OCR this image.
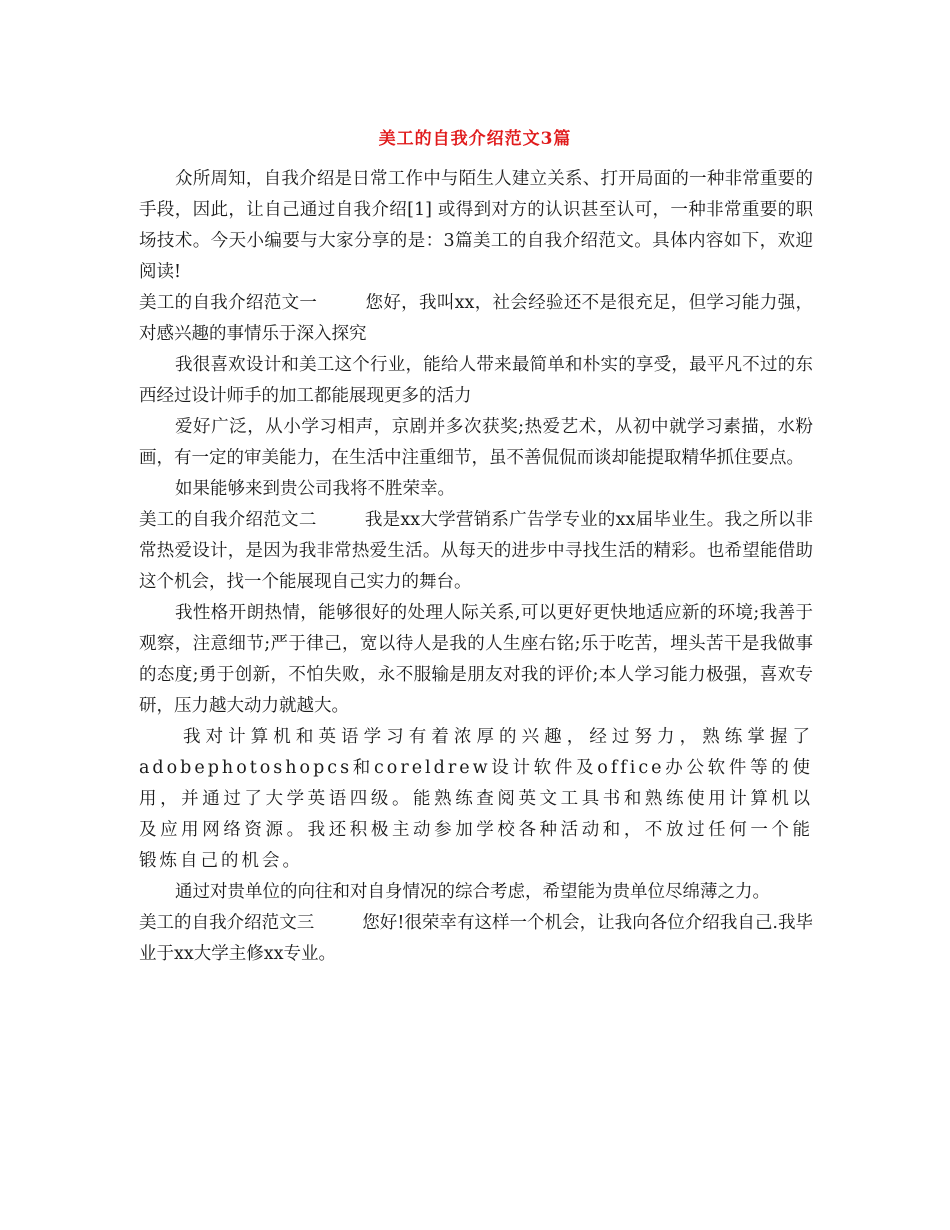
美工的自我介绍范文3篇

众所周知，自我介绍是日常工作中与陌生人建立关系、打开局面的一种非常重要的手段，因此，让自己通过自我介绍[1] 或得到对方的认识甚至认可，一种非常重要的职场技术。今天小编要与大家分享的是：3篇美工的自我介绍范文。具体内容如下，欢迎阅读!

美工的自我介绍范文一	您好，我叫xx，社会经验还不是很充足，但学习能力强，对感兴趣的事情乐于深入探究

我很喜欢设计和美工这个行业，能给人带来最简单和朴实的享受，最平凡不过的东西经过设计师手的加工都能展现更多的活力

爱好广泛，从小学习相声，京剧并多次获奖;热爱艺术，从初中就学习素描，水粉画，有一定的审美能力，在生活中注重细节，虽不善侃侃而谈却能提取精华抓住要点。

如果能够来到贵公司我将不胜荣幸。

美工的自我介绍范文二	我是xx大学营销系广告学专业的xx届毕业生。我之所以非常热爱设计，是因为我非常热爱生活。从每天的进步中寻找生活的精彩。也希望能借助这个机会，找一个能展现自己实力的舞台。

我性格开朗热情，能够很好的处理人际关系,可以更好更快地适应新的环境;我善于观察，注意细节;严于律己，宽以待人是我的人生座右铭;乐于吃苦，埋头苦干是我做事的态度;勇于创新，不怕失败，永不服输是朋友对我的评价;本人学习能力极强，喜欢专研，压力越大动力就越大。

我对计算机和英语学习有着浓厚的兴趣，经过努力，熟练掌握了adobephotoshopcs和coreldrew设计软件及office办公软件等的使用，并通过了大学英语四级。能熟练查阅英文工具书和熟练使用计算机以及应用网络资源。我还积极主动参加学校各种活动和，不放过任何一个能锻炼自己的机会。

通过对贵单位的向往和对自身情况的综合考虑，希望能为贵单位尽绵薄之力。

美工的自我介绍范文三	您好!很荣幸有这样一个机会，让我向各位介绍我自己.我毕业于xx大学主修xx专业。
